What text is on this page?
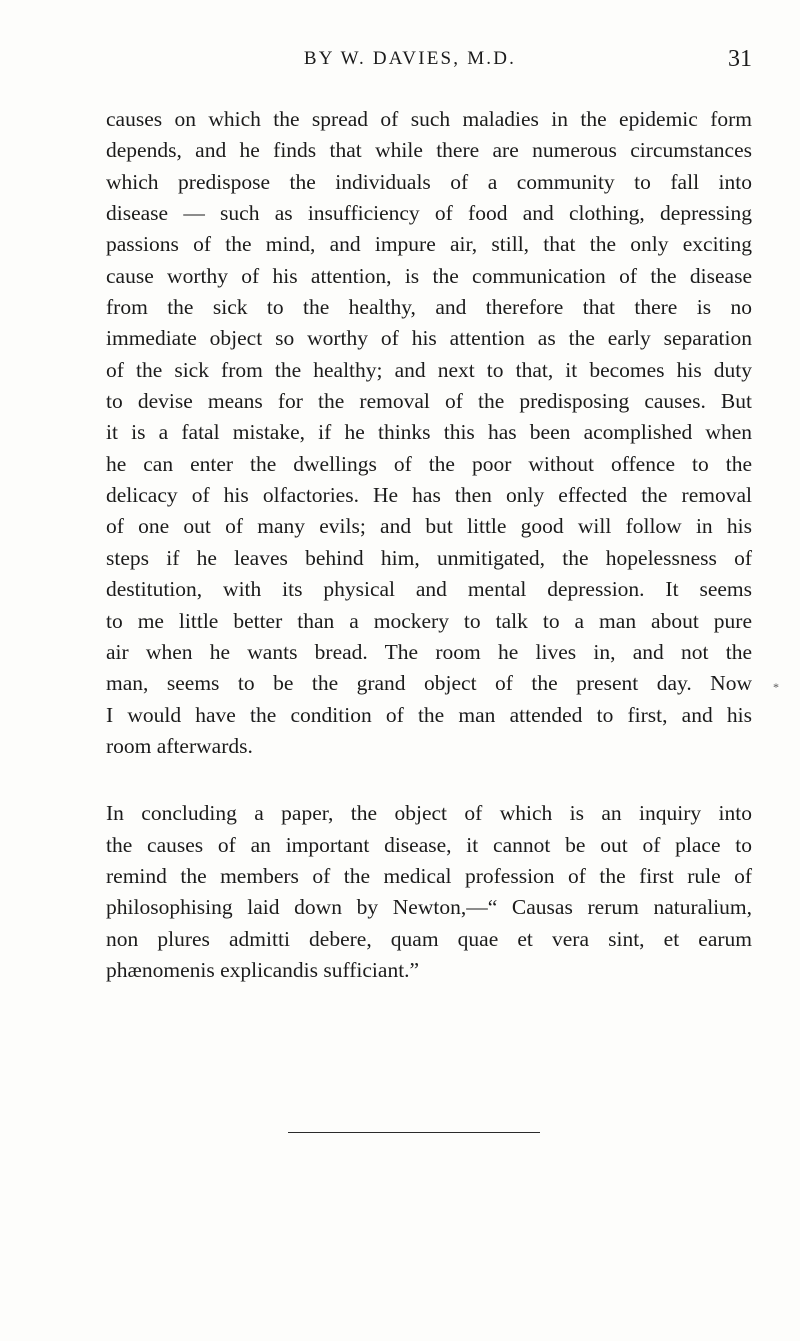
BY W. DAVIES, M.D.	31
causes on which the spread of such maladies in the epidemic form
depends, and he finds that while there are numerous circumstances
which predispose the individuals of a community to fall into
disease — such as insufficiency of food and clothing, depressing
passions of the mind, and impure air, still, that the only exciting
cause worthy of his attention, is the communication of the disease
from the sick to the healthy, and therefore that there is no
immediate object so worthy of his attention as the early separation
of the sick from the healthy; and next to that, it becomes his duty
to devise means for the removal of the predisposing causes. But
it is a fatal mistake, if he thinks this has been acomplished when
he can enter the dwellings of the poor without offence to the
delicacy of his olfactories. He has then only effected the removal
of one out of many evils; and but little good will follow in his
steps if he leaves behind him, unmitigated, the hopelessness of
destitution, with its physical and mental depression. It seems
to me little better than a mockery to talk to a man about pure
air when he wants bread. The room he lives in, and not the
man, seems to be the grand object of the present day. Now
I would have the condition of the man attended to first, and his
room afterwards.
In concluding a paper, the object of which is an inquiry into
the causes of an important disease, it cannot be out of place to
remind the members of the medical profession of the first rule of
philosophising laid down by Newton,—“ Causas rerum naturalium,
non plures admitti debere, quam quae et vera sint, et earum
phænomenis explicandis sufficiant.”
*
